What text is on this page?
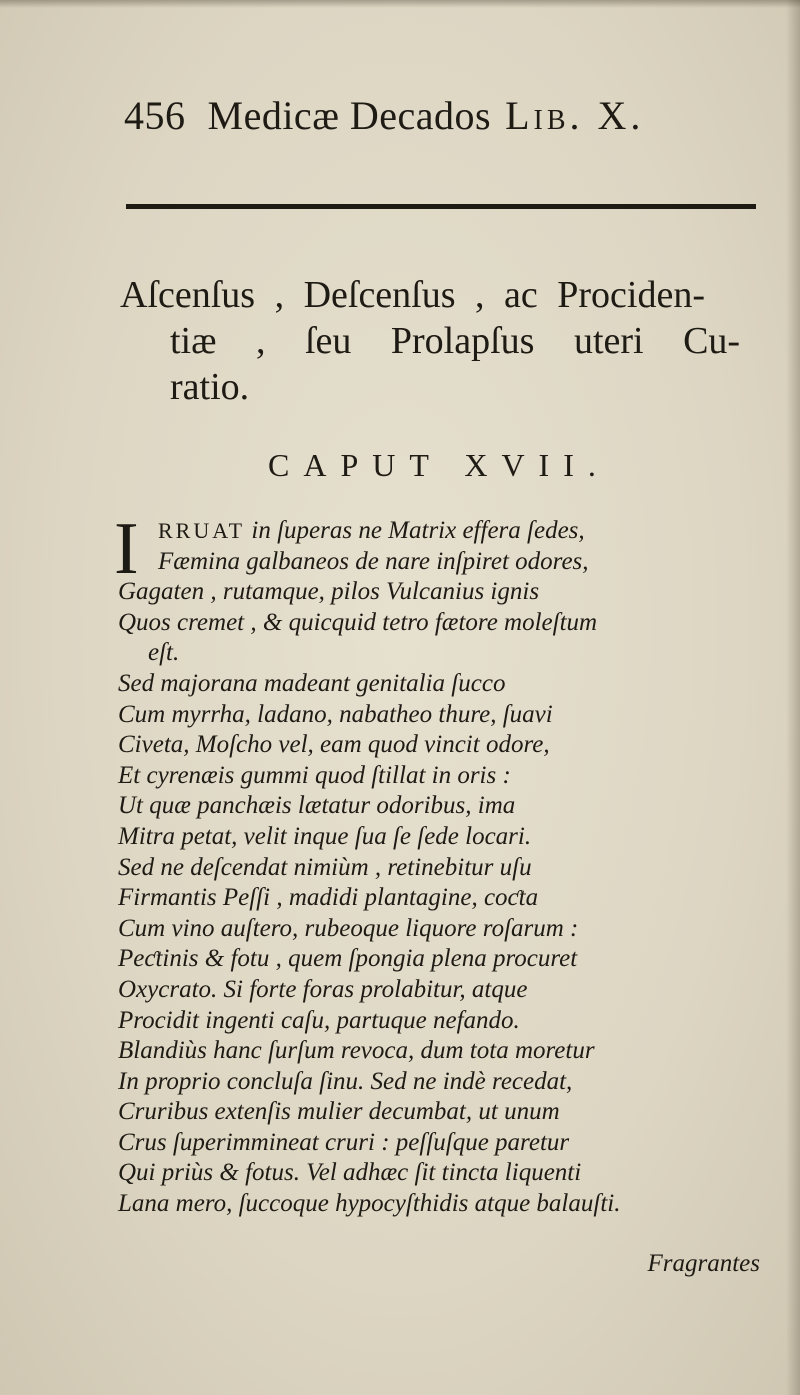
456 Medicæ Decados Lib. X.
Aſcenſus , Deſcenſus , ac Prociden-
tiæ , ſeu Prolapſus uteri Cu-
ratio.
CAPUT XVII.
I RRUAT in ſuperas ne Matrix efferа ſedes,
Fæmina galbaneos de nare inſpiret odores,
Gagaten , rutamque, pilos Vulcanius ignis
Quos cremet , & quicquid tetro fætore moleſtum
eſt.
Sed majorana madeant genitalia ſucco
Cum myrrha, ladano, nabatheo thure, ſuavi
Civeta, Moſcho vel, eam quod vincit odore,
Et cyrenæis gummi quod ſtillat in oris :
Ut quæ panchæis lætatur odoribus, ima
Mitra petat, velit inque ſua ſe ſede locari.
Sed ne deſcendat nimiùm , retinebitur uſu
Firmantis Peſſi , madidi plantagine, coƈta
Cum vino auſtero, rubeoque liquore roſarum :
Peƈtinis & fotu , quem ſpongia plena procuret
Oxycrato. Si forte foras prolabitur, atque
Procidit ingenti caſu, partuque nefando.
Blandiùs hanc ſurſum revoca, dum tota moretur
In proprio concluſa ſinu. Sed ne indè recedat,
Cruribus extenſis mulier decumbat, ut unum
Crus ſuperimmineat cruri : peſſuſque paretur
Qui priùs & fotus. Vel adhæc ſit tincta liquenti
Lana mero, ſuccoque hypocyſthidis atque balauſti.
Fragrantes
